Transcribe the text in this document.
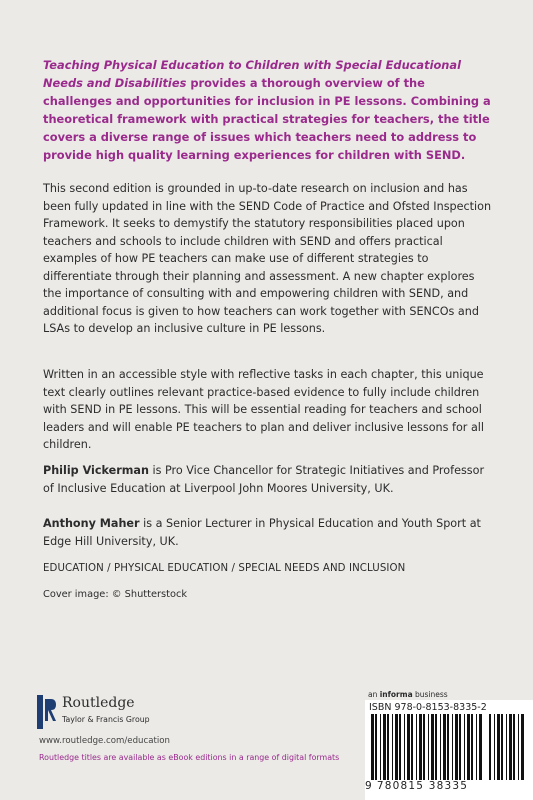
Teaching Physical Education to Children with Special Educational Needs and Disabilities provides a thorough overview of the challenges and opportunities for inclusion in PE lessons. Combining a theoretical framework with practical strategies for teachers, the title covers a diverse range of issues which teachers need to address to provide high quality learning experiences for children with SEND.
This second edition is grounded in up-to-date research on inclusion and has been fully updated in line with the SEND Code of Practice and Ofsted Inspection Framework. It seeks to demystify the statutory responsibilities placed upon teachers and schools to include children with SEND and offers practical examples of how PE teachers can make use of different strategies to differentiate through their planning and assessment. A new chapter explores the importance of consulting with and empowering children with SEND, and additional focus is given to how teachers can work together with SENCOs and LSAs to develop an inclusive culture in PE lessons.
Written in an accessible style with reflective tasks in each chapter, this unique text clearly outlines relevant practice-based evidence to fully include children with SEND in PE lessons. This will be essential reading for teachers and school leaders and will enable PE teachers to plan and deliver inclusive lessons for all children.
Philip Vickerman is Pro Vice Chancellor for Strategic Initiatives and Professor of Inclusive Education at Liverpool John Moores University, UK.
Anthony Maher is a Senior Lecturer in Physical Education and Youth Sport at Edge Hill University, UK.
EDUCATION / PHYSICAL EDUCATION / SPECIAL NEEDS AND INCLUSION
Cover image: © Shutterstock
Routledge
Taylor & Francis Group
www.routledge.com/education
Routledge titles are available as eBook editions in a range of digital formats
an informa business
ISBN 978-0-8153-8335-2
9 780815 38335
